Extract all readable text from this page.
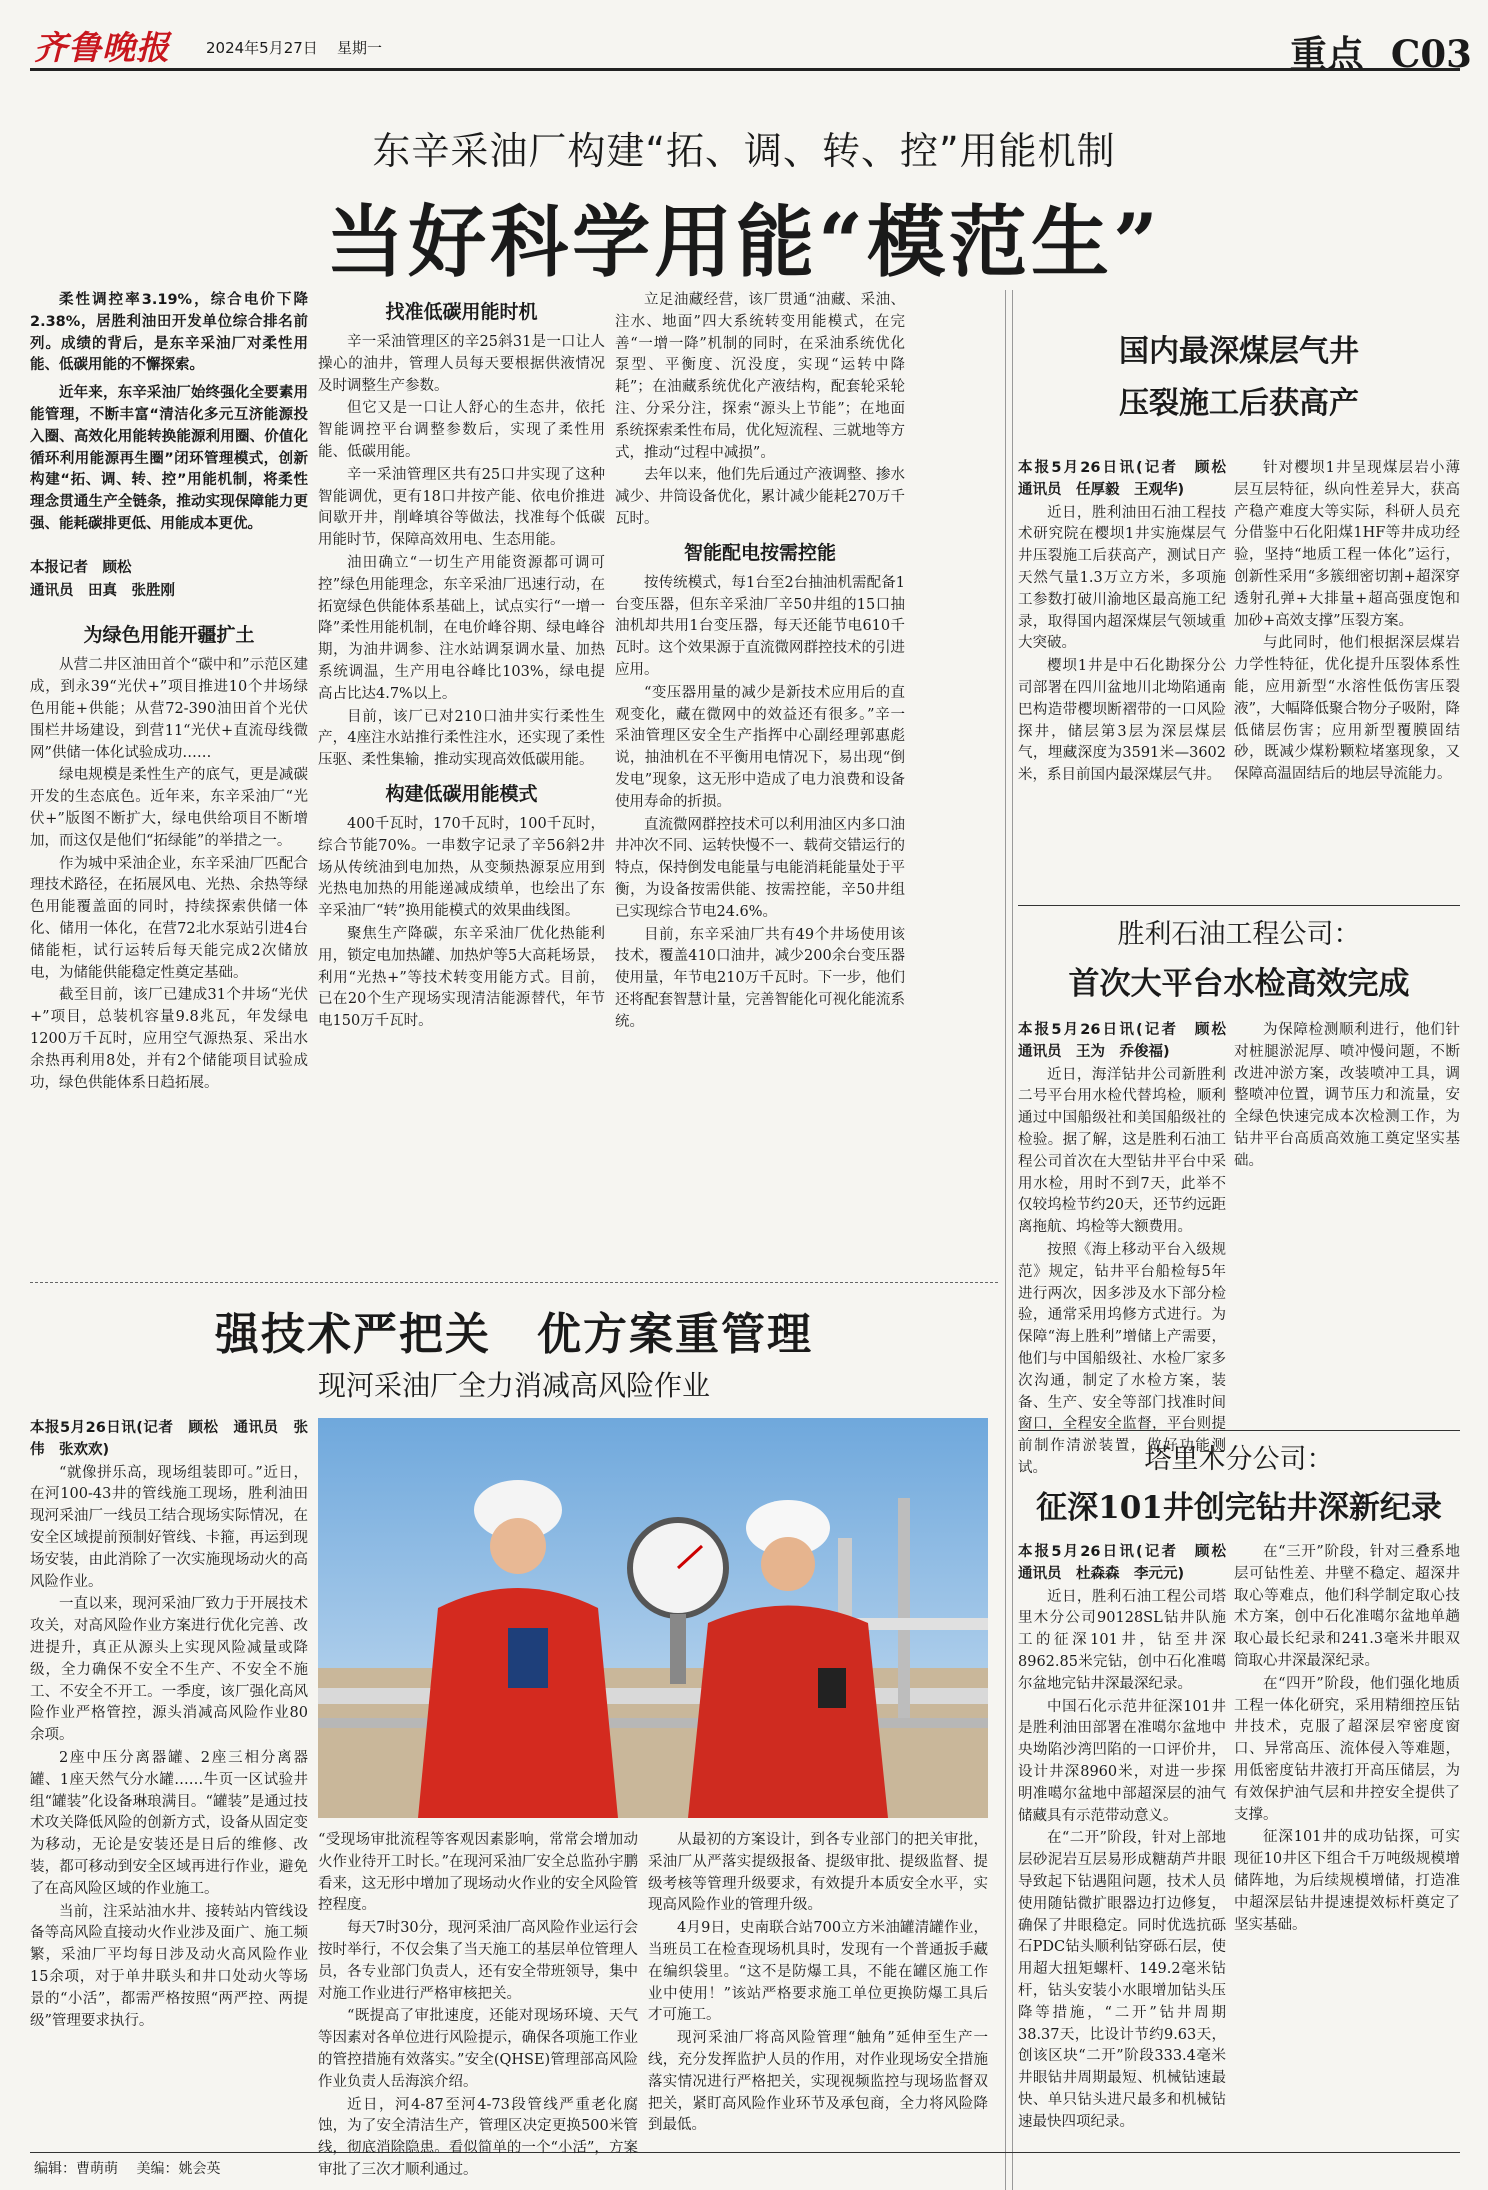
齐鲁晚报 2024年5月27日 星期一	重点 C03
东辛采油厂构建“拓、调、转、控”用能机制
当好科学用能“模范生”

柔性调控率3.19%，综合电价下降2.38%，居胜利油田开发单位综合排名前列。成绩的背后，是东辛采油厂对柔性用能、低碳用能的不懈探索。

近年来，东辛采油厂始终强化全要素用能管理，不断丰富“清洁化多元互济能源投入圈、高效化用能转换能源利用圈、价值化循环利用能源再生圈”闭环管理模式，创新构建“拓、调、转、控”用能机制，将柔性理念贯通生产全链条，推动实现保障能力更强、能耗碳排更低、用能成本更优。

本报记者　顾松

通讯员　田真　张胜刚

为绿色用能开疆扩土

从营二井区油田首个“碳中和”示范区建成，到永39“光伏+”项目推进10个井场绿色用能+供能；从营72-390油田首个光伏围栏井场建设，到营11“光伏+直流母线微网”供储一体化试验成功……

绿电规模是柔性生产的底气，更是减碳开发的生态底色。近年来，东辛采油厂“光伏+”版图不断扩大，绿电供给项目不断增加，而这仅是他们“拓绿能”的举措之一。

作为城中采油企业，东辛采油厂匹配合理技术路径，在拓展风电、光热、余热等绿色用能覆盖面的同时，持续探索供储一体化、储用一体化，在营72北水泵站引进4台储能柜，试行运转后每天能完成2次储放电，为储能供能稳定性奠定基础。

截至目前，该厂已建成31个井场“光伏+”项目，总装机容量9.8兆瓦，年发绿电1200万千瓦时，应用空气源热泵、采出水余热再利用8处，并有2个储能项目试验成功，绿色供能体系日趋拓展。

找准低碳用能时机

辛一采油管理区的辛25斜31是一口让人操心的油井，管理人员每天要根据供液情况及时调整生产参数。

但它又是一口让人舒心的生态井，依托智能调控平台调整参数后，实现了柔性用能、低碳用能。

辛一采油管理区共有25口井实现了这种智能调优，更有18口井按产能、依电价推进间歇开井，削峰填谷等做法，找准每个低碳用能时节，保障高效用电、生态用能。

油田确立“一切生产用能资源都可调可控”绿色用能理念，东辛采油厂迅速行动，在拓宽绿色供能体系基础上，试点实行“一增一降”柔性用能机制，在电价峰谷期、绿电峰谷期，为油井调参、注水站调泵调水量、加热系统调温，生产用电谷峰比103%，绿电提高占比达4.7%以上。

目前，该厂已对210口油井实行柔性生产，4座注水站推行柔性注水，还实现了柔性压驱、柔性集输，推动实现高效低碳用能。

构建低碳用能模式

400千瓦时，170千瓦时，100千瓦时，综合节能70%。一串数字记录了辛56斜2井场从传统油到电加热，从变频热源泵应用到光热电加热的用能递减成绩单，也绘出了东辛采油厂“转”换用能模式的效果曲线图。

聚焦生产降碳，东辛采油厂优化热能利用，锁定电加热罐、加热炉等5大高耗场景，利用“光热+”等技术转变用能方式。目前，已在20个生产现场实现清洁能源替代，年节电150万千瓦时。

立足油藏经营，该厂贯通“油藏、采油、注水、地面”四大系统转变用能模式，在完善“一增一降”机制的同时，在采油系统优化泵型、平衡度、沉没度，实现“运转中降耗”；在油藏系统优化产液结构，配套轮采轮注、分采分注，探索“源头上节能”；在地面系统探索柔性布局，优化短流程、三就地等方式，推动“过程中减损”。

去年以来，他们先后通过产液调整、掺水减少、井筒设备优化，累计减少能耗270万千瓦时。

智能配电按需控能

按传统模式，每1台至2台抽油机需配备1台变压器，但东辛采油厂辛50井组的15口抽油机却共用1台变压器，每天还能节电610千瓦时。这个效果源于直流微网群控技术的引进应用。

“变压器用量的减少是新技术应用后的直观变化，藏在微网中的效益还有很多。”辛一采油管理区安全生产指挥中心副经理郭惠彪说，抽油机在不平衡用电情况下，易出现“倒发电”现象，这无形中造成了电力浪费和设备使用寿命的折损。

直流微网群控技术可以利用油区内多口油井冲次不同、运转快慢不一、载荷交错运行的特点，保持倒发电能量与电能消耗能量处于平衡，为设备按需供能、按需控能，辛50井组已实现综合节电24.6%。

目前，东辛采油厂共有49个井场使用该技术，覆盖410口油井，减少200余台变压器使用量，年节电210万千瓦时。下一步，他们还将配套智慧计量，完善智能化可视化能流系统。

国内最深煤层气井
压裂施工后获高产

本报5月26日讯(记者　顾松　通讯员　任厚毅　王观华)

近日，胜利油田石油工程技术研究院在樱坝1井实施煤层气井压裂施工后获高产，测试日产天然气量1.3万立方米，多项施工参数打破川渝地区最高施工纪录，取得国内超深煤层气领域重大突破。

樱坝1井是中石化勘探分公司部署在四川盆地川北坳陷通南巴构造带樱坝断褶带的一口风险探井，储层第3层为深层煤层气，埋藏深度为3591米—3602米，系目前国内最深煤层气井。

针对樱坝1井呈现煤层岩小薄层互层特征，纵向性差异大，获高产稳产难度大等实际，科研人员充分借鉴中石化阳煤1HF等井成功经验，坚持“地质工程一体化”运行，创新性采用“多簇细密切割+超深穿透射孔弹+大排量+超高强度饱和加砂+高效支撑”压裂方案。

与此同时，他们根据深层煤岩力学性特征，优化提升压裂体系性能，应用新型“水溶性低伤害压裂液”，大幅降低聚合物分子吸附，降低储层伤害；应用新型覆膜固结砂，既减少煤粉颗粒堵塞现象，又保障高温固结后的地层导流能力。

胜利石油工程公司：
首次大平台水检高效完成

本报5月26日讯(记者　顾松　通讯员　王为　乔俊福)

近日，海洋钻井公司新胜利二号平台用水检代替坞检，顺利通过中国船级社和美国船级社的检验。据了解，这是胜利石油工程公司首次在大型钻井平台中采用水检，用时不到7天，此举不仅较坞检节约20天，还节约远距离拖航、坞检等大额费用。

按照《海上移动平台入级规范》规定，钻井平台船检每5年进行两次，因多涉及水下部分检验，通常采用坞修方式进行。为保障“海上胜利”增储上产需要，他们与中国船级社、水检厂家多次沟通，制定了水检方案，装备、生产、安全等部门找准时间窗口，全程安全监督，平台则提前制作清淤装置，做好功能测试。

为保障检测顺利进行，他们针对桩腿淤泥厚、喷冲慢问题，不断改进冲淤方案，改装喷冲工具，调整喷冲位置，调节压力和流量，安全绿色快速完成本次检测工作，为钻井平台高质高效施工奠定坚实基础。

塔里木分公司：
征深101井创完钻井深新纪录

本报5月26日讯(记者　顾松　通讯员　杜森森　李元元)

近日，胜利石油工程公司塔里木分公司90128SL钻井队施工的征深101井，钻至井深8962.85米完钻，创中石化准噶尔盆地完钻井深最深纪录。

中国石化示范井征深101井是胜利油田部署在准噶尔盆地中央坳陷沙湾凹陷的一口评价井，设计井深8960米，对进一步探明准噶尔盆地中部超深层的油气储藏具有示范带动意义。

在“二开”阶段，针对上部地层砂泥岩互层易形成糖葫芦井眼导致起下钻遇阻问题，技术人员使用随钻微扩眼器边打边修复，确保了井眼稳定。同时优选抗砾石PDC钻头顺利钻穿砾石层，使用超大扭矩螺杆、149.2毫米钻杆，钻头安装小水眼增加钻头压降等措施，“二开”钻井周期38.37天，比设计节约9.63天，创该区块“二开”阶段333.4毫米井眼钻井周期最短、机械钻速最快、单只钻头进尺最多和机械钻速最快四项纪录。

在“三开”阶段，针对三叠系地层可钻性差、井壁不稳定、超深井取心等难点，他们科学制定取心技术方案，创中石化准噶尔盆地单趟取心最长纪录和241.3毫米井眼双筒取心井深最深纪录。

在“四开”阶段，他们强化地质工程一体化研究，采用精细控压钻井技术，克服了超深层窄密度窗口、异常高压、流体侵入等难题，用低密度钻井液打开高压储层，为有效保护油气层和井控安全提供了支撑。

征深101井的成功钻探，可实现征10井区下组合千万吨级规模增储阵地，为后续规模增储，打造准中超深层钻井提速提效标杆奠定了坚实基础。

强技术严把关　优方案重管理
现河采油厂全力消减高风险作业

本报5月26日讯(记者　顾松　通讯员　张伟　张欢欢)

“就像拼乐高，现场组装即可。”近日，在河100-43井的管线施工现场，胜利油田现河采油厂一线员工结合现场实际情况，在安全区域提前预制好管线、卡箍，再运到现场安装，由此消除了一次实施现场动火的高风险作业。

一直以来，现河采油厂致力于开展技术攻关，对高风险作业方案进行优化完善、改进提升，真正从源头上实现风险减量或降级，全力确保不安全不生产、不安全不施工、不安全不开工。一季度，该厂强化高风险作业严格管控，源头消减高风险作业80余项。

2座中压分离器罐、2座三相分离器罐、1座天然气分水罐……牛页一区试验井组“罐装”化设备琳琅满目。“罐装”是通过技术攻关降低风险的创新方式，设备从固定变为移动，无论是安装还是日后的维修、改装，都可移动到安全区域再进行作业，避免了在高风险区域的作业施工。

当前，注采站油水井、接转站内管线设备等高风险直接动火作业涉及面广、施工频繁，采油厂平均每日涉及动火高风险作业15余项，对于单井联头和井口处动火等场景的“小活”，都需严格按照“两严控、两提级”管理要求执行。

“受现场审批流程等客观因素影响，常常会增加动火作业待开工时长。”在现河采油厂安全总监孙宇鹏看来，这无形中增加了现场动火作业的安全风险管控程度。

每天7时30分，现河采油厂高风险作业运行会按时举行，不仅会集了当天施工的基层单位管理人员，各专业部门负责人，还有安全带班领导，集中对施工作业进行严格审核把关。

“既提高了审批速度，还能对现场环境、天气等因素对各单位进行风险提示，确保各项施工作业的管控措施有效落实。”安全(QHSE)管理部高风险作业负责人岳海滨介绍。

近日，河4-87至河4-73段管线严重老化腐蚀，为了安全清洁生产，管理区决定更换500米管线，彻底消除隐患。看似简单的一个“小活”，方案审批了三次才顺利通过。

从最初的方案设计，到各专业部门的把关审批，采油厂从严落实提级报备、提级审批、提级监督、提级考核等管理升级要求，有效提升本质安全水平，实现高风险作业的管理升级。

4月9日，史南联合站700立方米油罐清罐作业，当班员工在检查现场机具时，发现有一个普通扳手藏在编织袋里。“这不是防爆工具，不能在罐区施工作业中使用！”该站严格要求施工单位更换防爆工具后才可施工。

现河采油厂将高风险管理“触角”延伸至生产一线，充分发挥监护人员的作用，对作业现场安全措施落实情况进行严格把关，实现视频监控与现场监督双把关，紧盯高风险作业环节及承包商，全力将风险降到最低。

编辑：曹萌萌 美编：姚会英
